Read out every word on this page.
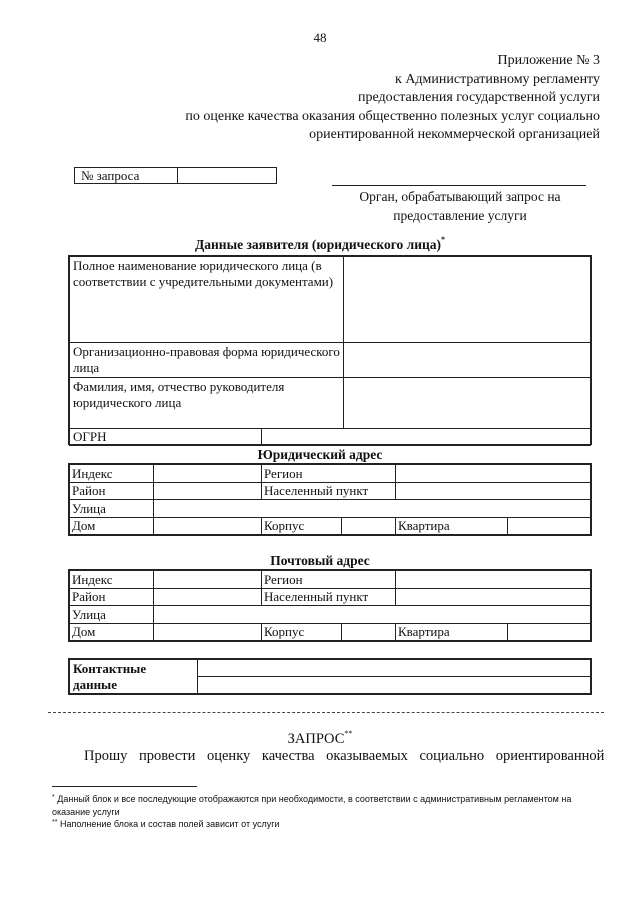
48
Приложение № 3
к Административному регламенту
предоставления государственной услуги
по оценке качества оказания общественно полезных услуг социально
ориентированной некоммерческой организацией
№ запроса
Орган, обрабатывающий запрос на
предоставление услуги
Данные заявителя (юридического лица)*
Полное наименование юридического лица (в соответствии с учредительными документами)		
Организационно-правовая форма юридического лица		
Фамилия, имя, отчество руководителя юридического лица		
ОГРН		
Юридический адрес
Индекс		Регион			
Район		Населенный пункт			
Улица					
Дом		Корпус		Квартира	
Почтовый адрес
Индекс		Регион			
Район		Населенный пункт			
Улица					
Дом		Корпус		Квартира	
Контактные
данные

ЗАПРОС**
Прошу провести оценку качества оказываемых социально ориентированной
* Данный блок и все последующие отображаются при необходимости, в соответствии с административным регламентом на оказание услуги
** Наполнение блока и состав полей зависит от услуги
